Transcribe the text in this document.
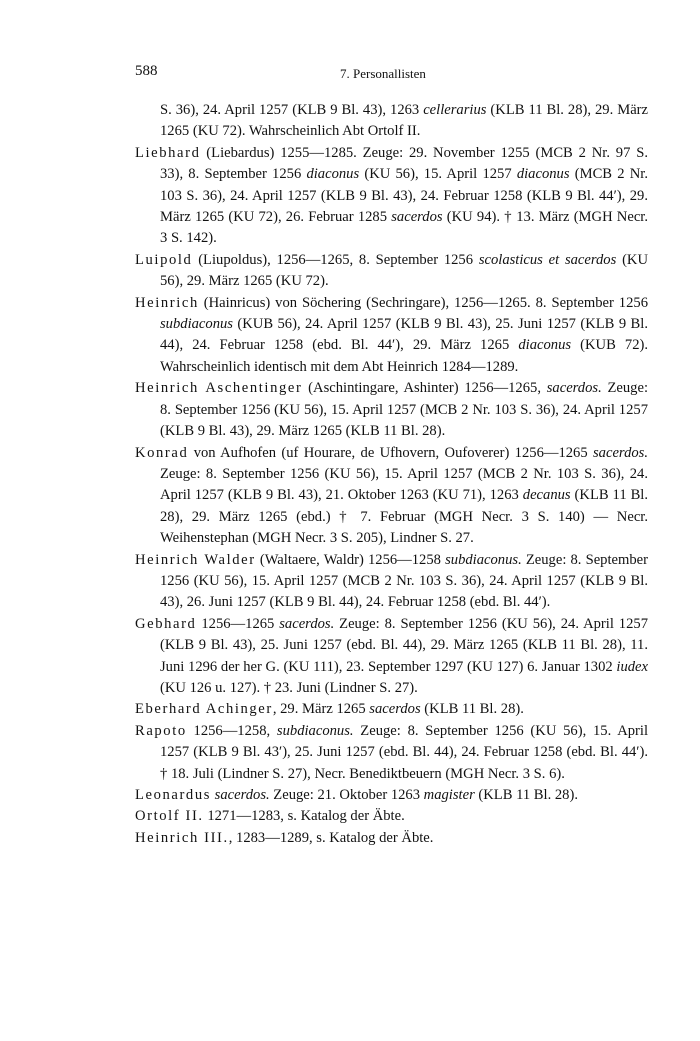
588	7. Personallisten

S. 36), 24. April 1257 (KLB 9 Bl. 43), 1263 cellerarius (KLB 11 Bl. 28), 29. März 1265 (KU 72). Wahrscheinlich Abt Ortolf II.

Liebhard (Liebardus) 1255—1285. Zeuge: 29. November 1255 (MCB 2 Nr. 97 S. 33), 8. September 1256 diaconus (KU 56), 15. April 1257 diaconus (MCB 2 Nr. 103 S. 36), 24. April 1257 (KLB 9 Bl. 43), 24. Februar 1258 (KLB 9 Bl. 44′), 29. März 1265 (KU 72), 26. Februar 1285 sacerdos (KU 94). † 13. März (MGH Necr. 3 S. 142).

Luipold (Liupoldus), 1256—1265, 8. September 1256 scolasticus et sacerdos (KU 56), 29. März 1265 (KU 72).

Heinrich (Hainricus) von Söchering (Sechringare), 1256—1265. 8. September 1256 subdiaconus (KUB 56), 24. April 1257 (KLB 9 Bl. 43), 25. Juni 1257 (KLB 9 Bl. 44), 24. Februar 1258 (ebd. Bl. 44′), 29. März 1265 diaconus (KUB 72). Wahrscheinlich identisch mit dem Abt Heinrich 1284—1289.

Heinrich Aschentinger (Aschintingare, Ashinter) 1256—1265, sacerdos. Zeuge: 8. September 1256 (KU 56), 15. April 1257 (MCB 2 Nr. 103 S. 36), 24. April 1257 (KLB 9 Bl. 43), 29. März 1265 (KLB 11 Bl. 28).

Konrad von Aufhofen (uf Hourare, de Ufhovern, Oufoverer) 1256—1265 sacerdos. Zeuge: 8. September 1256 (KU 56), 15. April 1257 (MCB 2 Nr. 103 S. 36), 24. April 1257 (KLB 9 Bl. 43), 21. Oktober 1263 (KU 71), 1263 decanus (KLB 11 Bl. 28), 29. März 1265 (ebd.) † 7. Februar (MGH Necr. 3 S. 140) — Necr. Weihenstephan (MGH Necr. 3 S. 205), Lindner S. 27.

Heinrich Walder (Waltaere, Waldr) 1256—1258 subdiaconus. Zeuge: 8. September 1256 (KU 56), 15. April 1257 (MCB 2 Nr. 103 S. 36), 24. April 1257 (KLB 9 Bl. 43), 26. Juni 1257 (KLB 9 Bl. 44), 24. Februar 1258 (ebd. Bl. 44′).

Gebhard 1256—1265 sacerdos. Zeuge: 8. September 1256 (KU 56), 24. April 1257 (KLB 9 Bl. 43), 25. Juni 1257 (ebd. Bl. 44), 29. März 1265 (KLB 11 Bl. 28), 11. Juni 1296 der her G. (KU 111), 23. September 1297 (KU 127) 6. Januar 1302 iudex (KU 126 u. 127). † 23. Juni (Lindner S. 27).

Eberhard Achinger, 29. März 1265 sacerdos (KLB 11 Bl. 28).

Rapoto 1256—1258, subdiaconus. Zeuge: 8. September 1256 (KU 56), 15. April 1257 (KLB 9 Bl. 43′), 25. Juni 1257 (ebd. Bl. 44), 24. Februar 1258 (ebd. Bl. 44′). † 18. Juli (Lindner S. 27), Necr. Benediktbeuern (MGH Necr. 3 S. 6).

Leonardus sacerdos. Zeuge: 21. Oktober 1263 magister (KLB 11 Bl. 28).

Ortolf II. 1271—1283, s. Katalog der Äbte.

Heinrich III., 1283—1289, s. Katalog der Äbte.
